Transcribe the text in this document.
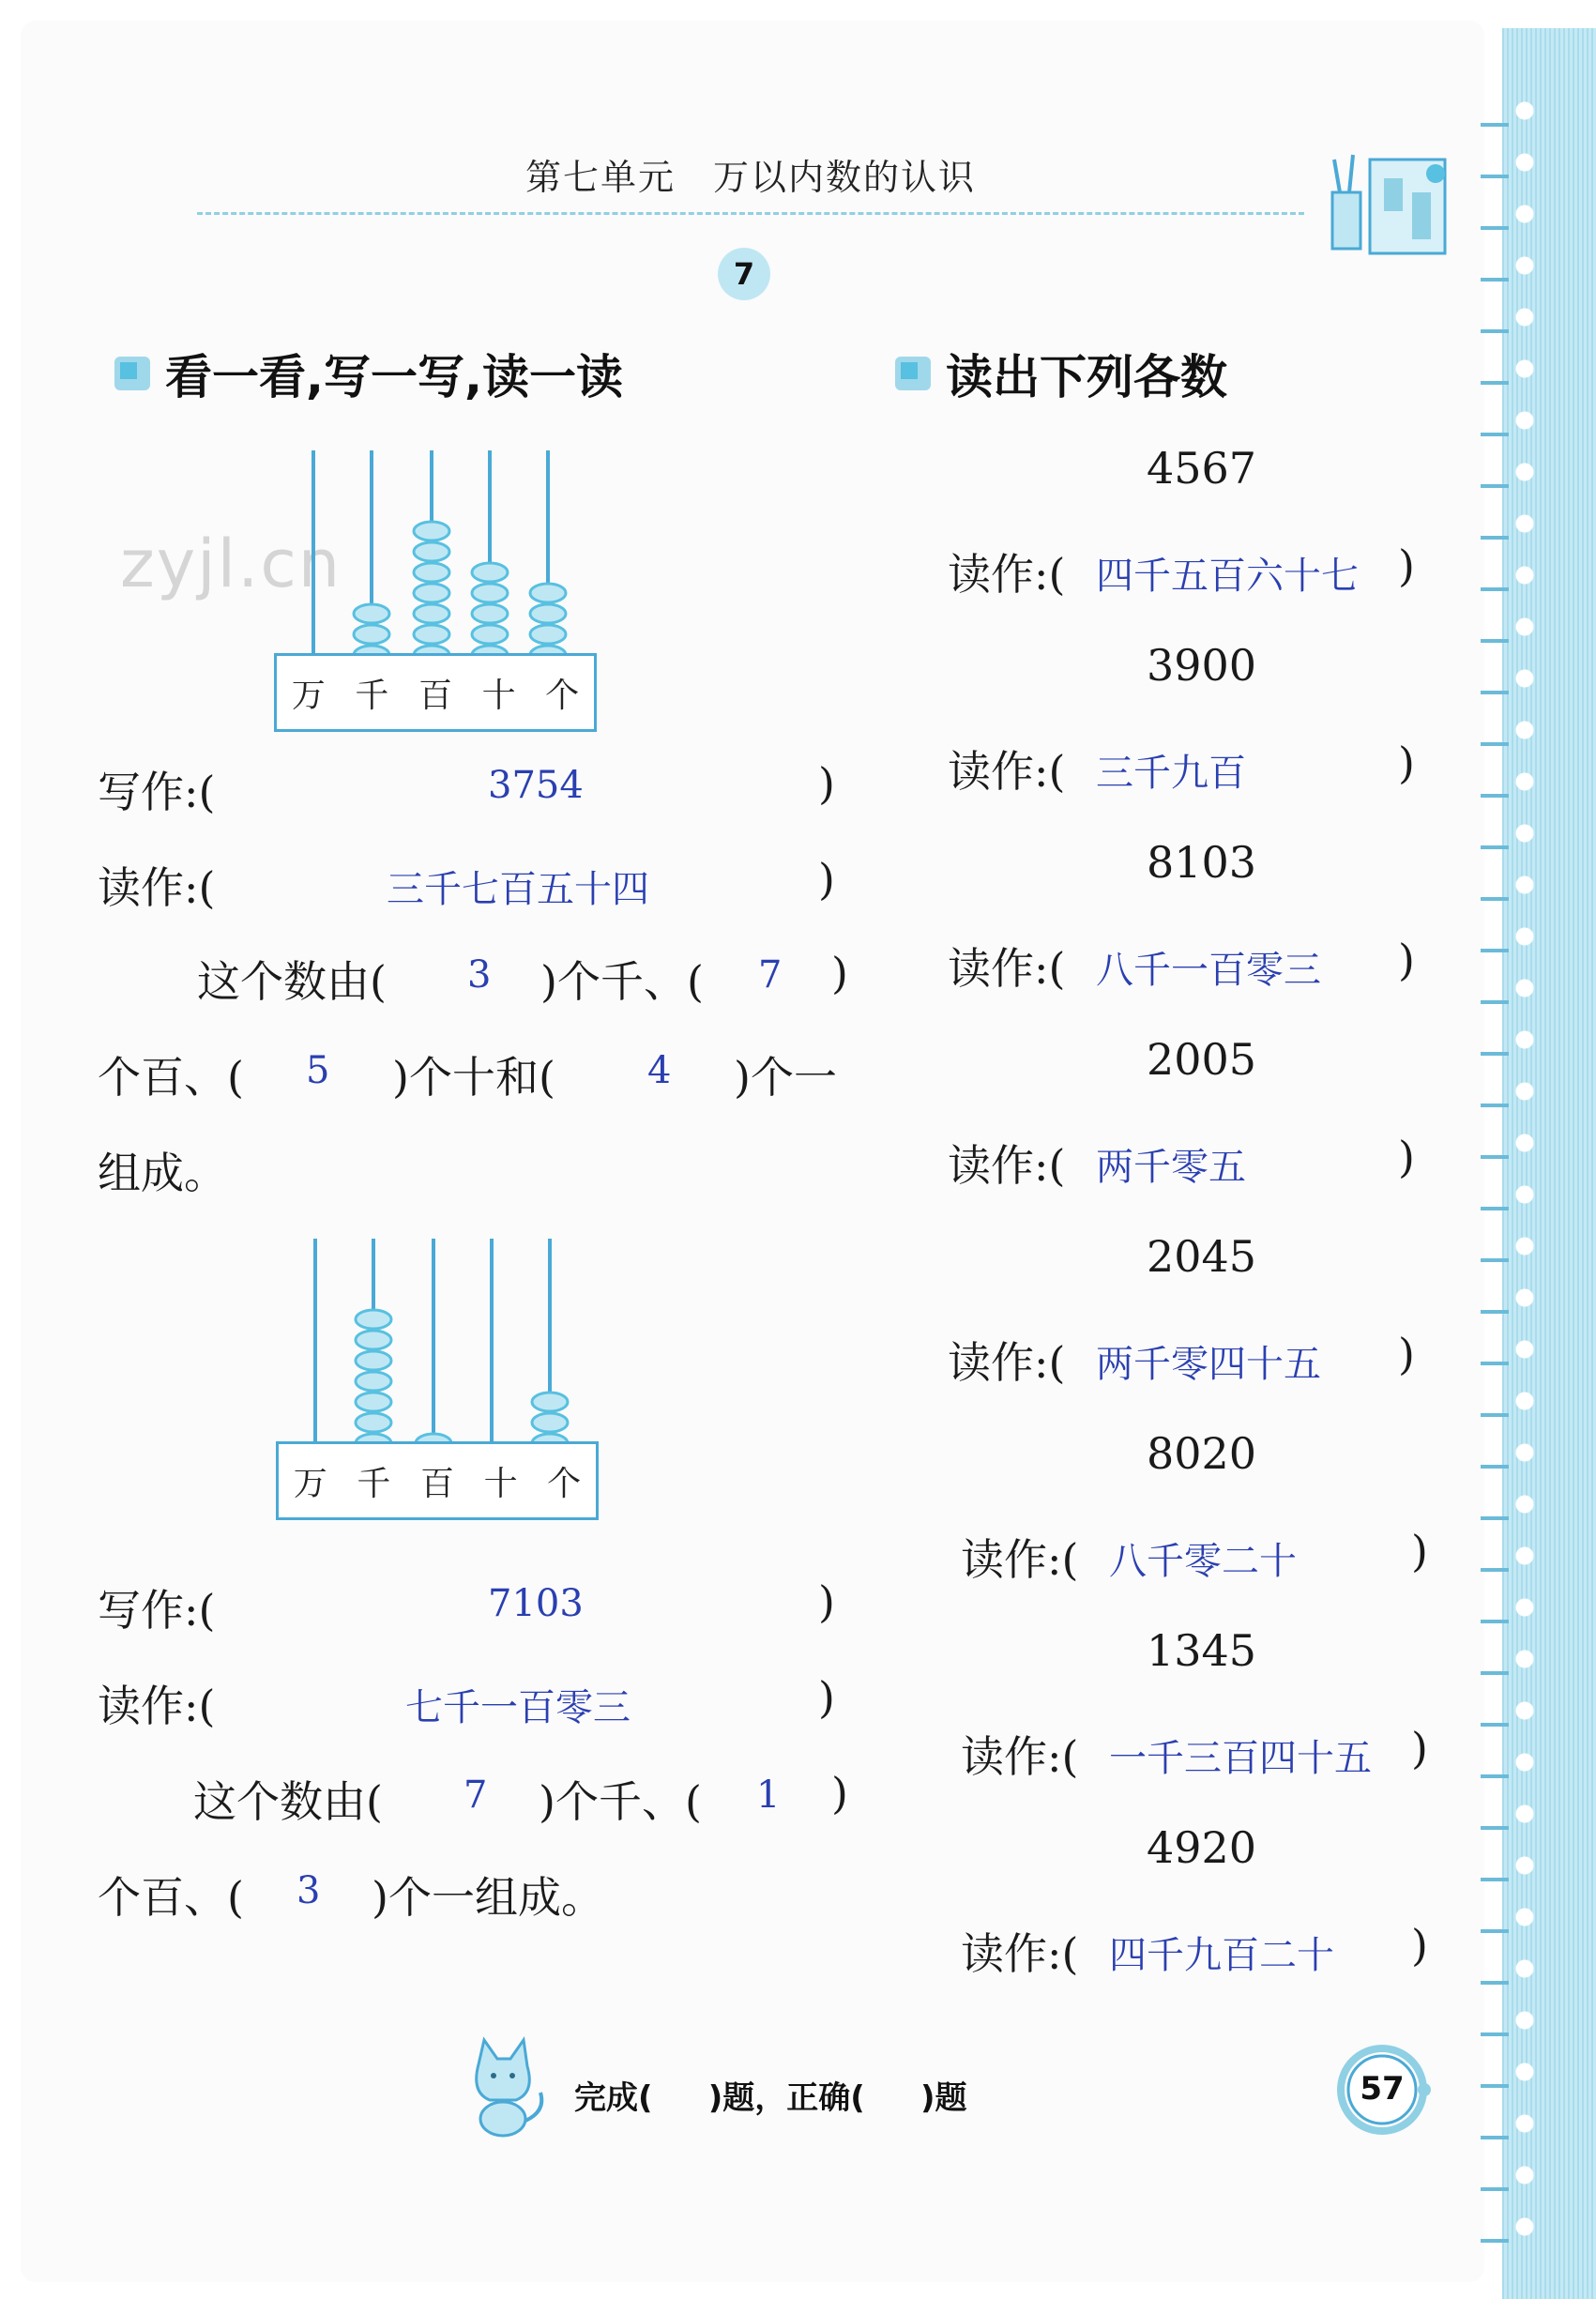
第七单元 万以内数的认识
7
看一看,写一写,读一读
zyjl.cn
万 千 百 十 个
写作:(	3754	)
读作:(	三千七百五十四	)
这个数由( 3 )个千、( 7 )
个百、( 5 )个十和( 4 )个一
组成。
万 千 百 十 个
写作:(	7103	)
读作:(	七千一百零三	)
这个数由( 7 )个千、( 1 )
个百、( 3 )个一组成。
读出下列各数
4567
读作:( 四千五百六十七 )
3900
读作:( 三千九百	)
8103
读作:( 八千一百零三 )
2005
读作:( 两千零五	)
2045
读作:( 两千零四十五 )
8020
读作:( 八千零二十	)
1345
读作:( 一千三百四十五 )
4920
读作:( 四千九百二十 )
完成(     )题，正确(     )题	57
